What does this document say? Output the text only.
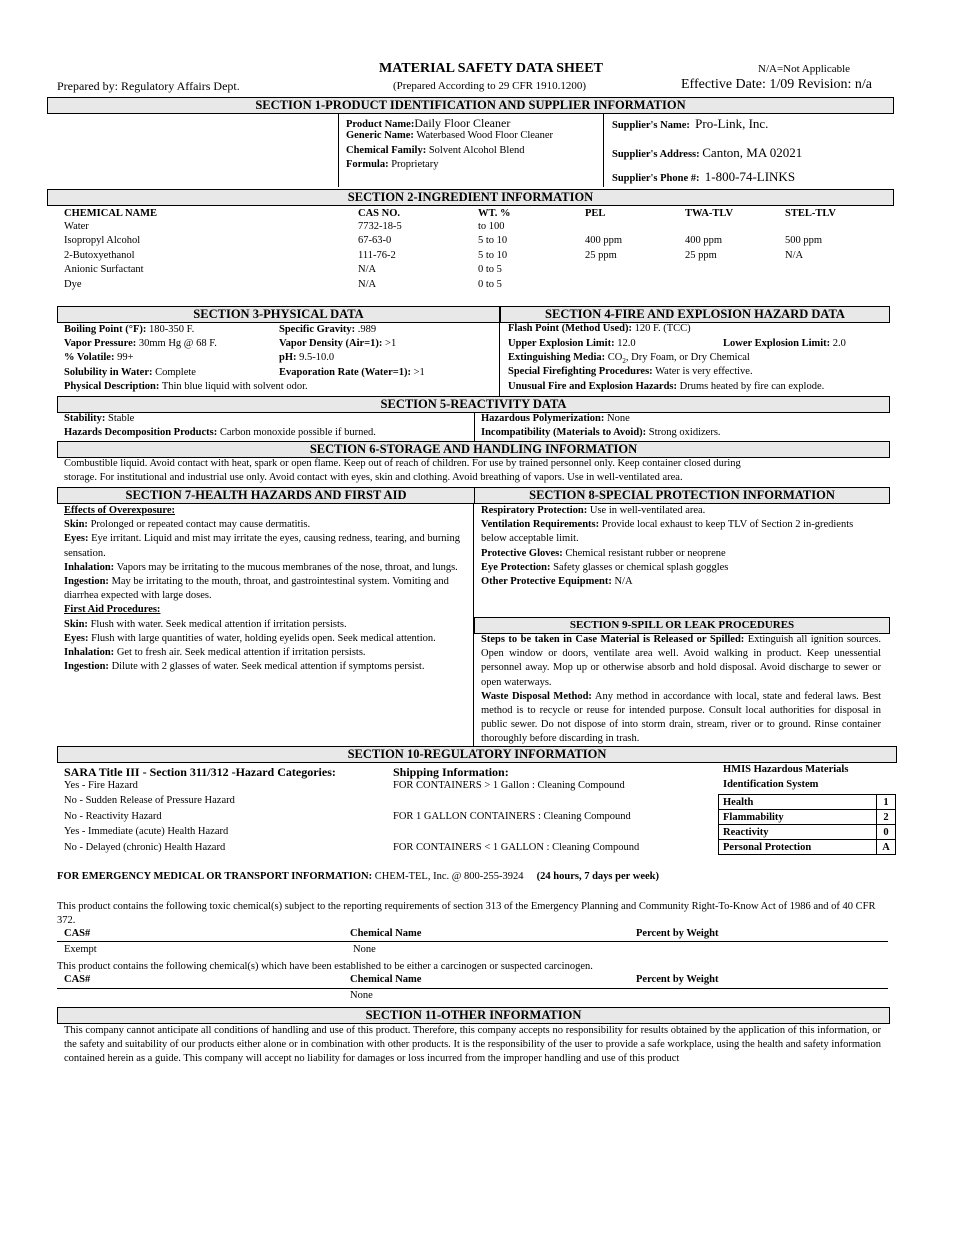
MATERIAL SAFETY DATA SHEET	N/A=Not Applicable
Prepared by: Regulatory Affairs Dept.	(Prepared According to 29 CFR 1910.1200)	Effective Date: 1/09 Revision: n/a
SECTION 1-PRODUCT IDENTIFICATION AND SUPPLIER INFORMATION
Product Name:Daily Floor Cleaner
Generic Name: Waterbased Wood Floor Cleaner
Chemical Family: Solvent Alcohol Blend
Formula: Proprietary
Supplier's Name: Pro-Link, Inc.
Supplier's Address: Canton, MA 02021
Supplier's Phone #: 1-800-74-LINKS
SECTION 2-INGREDIENT INFORMATION
CHEMICAL NAME	CAS NO.	WT. %	PEL	TWA-TLV	STEL-TLV
Water	7732-18-5	to 100
Isopropyl Alcohol	67-63-0	5 to 10	400 ppm	400 ppm	500 ppm
2-Butoxyethanol	111-76-2	5 to 10	25 ppm	25 ppm	N/A
Anionic Surfactant	N/A	0 to 5
Dye	N/A	0 to 5
SECTION 3-PHYSICAL DATA	SECTION 4-FIRE AND EXPLOSION HAZARD DATA
Boiling Point (°F): 180-350 F.	Specific Gravity: .989
Vapor Pressure: 30mm Hg @ 68 F.	Vapor Density (Air=1): >1
% Volatile: 99+	pH: 9.5-10.0
Solubility in Water: Complete	Evaporation Rate (Water=1): >1
Physical Description: Thin blue liquid with solvent odor.
Flash Point (Method Used): 120 F. (TCC)
Upper Explosion Limit: 12.0	Lower Explosion Limit: 2.0
Extinguishing Media: $CO_2$, Dry Foam, or Dry Chemical
Special Firefighting Procedures: Water is very effective.
Unusual Fire and Explosion Hazards: Drums heated by fire can explode.
SECTION 5-REACTIVITY DATA
Stability: Stable
Hazards Decomposition Products: Carbon monoxide possible if burned.
Hazardous Polymerization: None
Incompatibility (Materials to Avoid): Strong oxidizers.
SECTION 6-STORAGE AND HANDLING INFORMATION
Combustible liquid. Avoid contact with heat, spark or open flame. Keep out of reach of children. For use by trained personnel only. Keep container closed during
storage. For institutional and industrial use only. Avoid contact with eyes, skin and clothing. Avoid breathing of vapors. Use in well-ventilated area.
SECTION 7-HEALTH HAZARDS AND FIRST AID	SECTION 8-SPECIAL PROTECTION INFORMATION
Effects of Overexposure:
Skin: Prolonged or repeated contact may cause dermatitis.
Eyes: Eye irritant. Liquid and mist may irritate the eyes, causing redness, tearing, and burning sensation.
Inhalation: Vapors may be irritating to the mucous membranes of the nose, throat, and lungs.
Ingestion: May be irritating to the mouth, throat, and gastrointestinal system. Vomiting and diarrhea expected with large doses.
First Aid Procedures:
Skin: Flush with water. Seek medical attention if irritation persists.
Eyes: Flush with large quantities of water, holding eyelids open. Seek medical attention.
Inhalation: Get to fresh air. Seek medical attention if irritation persists.
Ingestion: Dilute with 2 glasses of water. Seek medical attention if symptoms persist.
Respiratory Protection: Use in well-ventilated area.
Ventilation Requirements: Provide local exhaust to keep TLV of Section 2 in-gredients below acceptable limit.
Protective Gloves: Chemical resistant rubber or neoprene
Eye Protection: Safety glasses or chemical splash goggles
Other Protective Equipment: N/A
SECTION 9-SPILL OR LEAK PROCEDURES
Steps to be taken in Case Material is Released or Spilled: Extinguish all ignition sources. Open window or doors, ventilate area well. Avoid walking in product. Keep unessential personnel away. Mop up or otherwise absorb and hold disposal. Avoid discharge to sewer or open waterways.
Waste Disposal Method: Any method in accordance with local, state and federal laws. Best method is to recycle or reuse for intended purpose. Consult local authorities for disposal in public sewer. Do not dispose of into storm drain, stream, river or to ground. Rinse container thoroughly before discarding in trash.
SECTION 10-REGULATORY INFORMATION
SARA Title III - Section 311/312 -Hazard Categories:
Yes - Fire Hazard
No - Sudden Release of Pressure Hazard
No - Reactivity Hazard
Yes - Immediate (acute) Health Hazard
No - Delayed (chronic) Health Hazard
Shipping Information:
FOR CONTAINERS > 1 Gallon : Cleaning Compound
FOR 1 GALLON CONTAINERS : Cleaning Compound
FOR CONTAINERS < 1 GALLON : Cleaning Compound
HMIS Hazardous Materials
Identification System
Health	1
Flammability	2
Reactivity	0
Personal Protection	A
FOR EMERGENCY MEDICAL OR TRANSPORT INFORMATION: CHEM-TEL, Inc. @ 800-255-3924 (24 hours, 7 days per week)
This product contains the following toxic chemical(s) subject to the reporting requirements of section 313 of the Emergency Planning and Community Right-To-Know Act of 1986 and of 40 CFR 372.
CAS#	Chemical Name	Percent by Weight
Exempt	None
This product contains the following chemical(s) which have been established to be either a carcinogen or suspected carcinogen.
CAS#	Chemical Name	Percent by Weight
None
SECTION 11-OTHER INFORMATION
This company cannot anticipate all conditions of handling and use of this product. Therefore, this company accepts no responsibility for results obtained by the application of this information, or the safety and suitability of our products either alone or in combination with other products. It is the responsibility of the user to provide a safe workplace, using the health and safety information contained herein as a guide. This company will accept no liability for damages or loss incurred from the improper handling and use of this product
